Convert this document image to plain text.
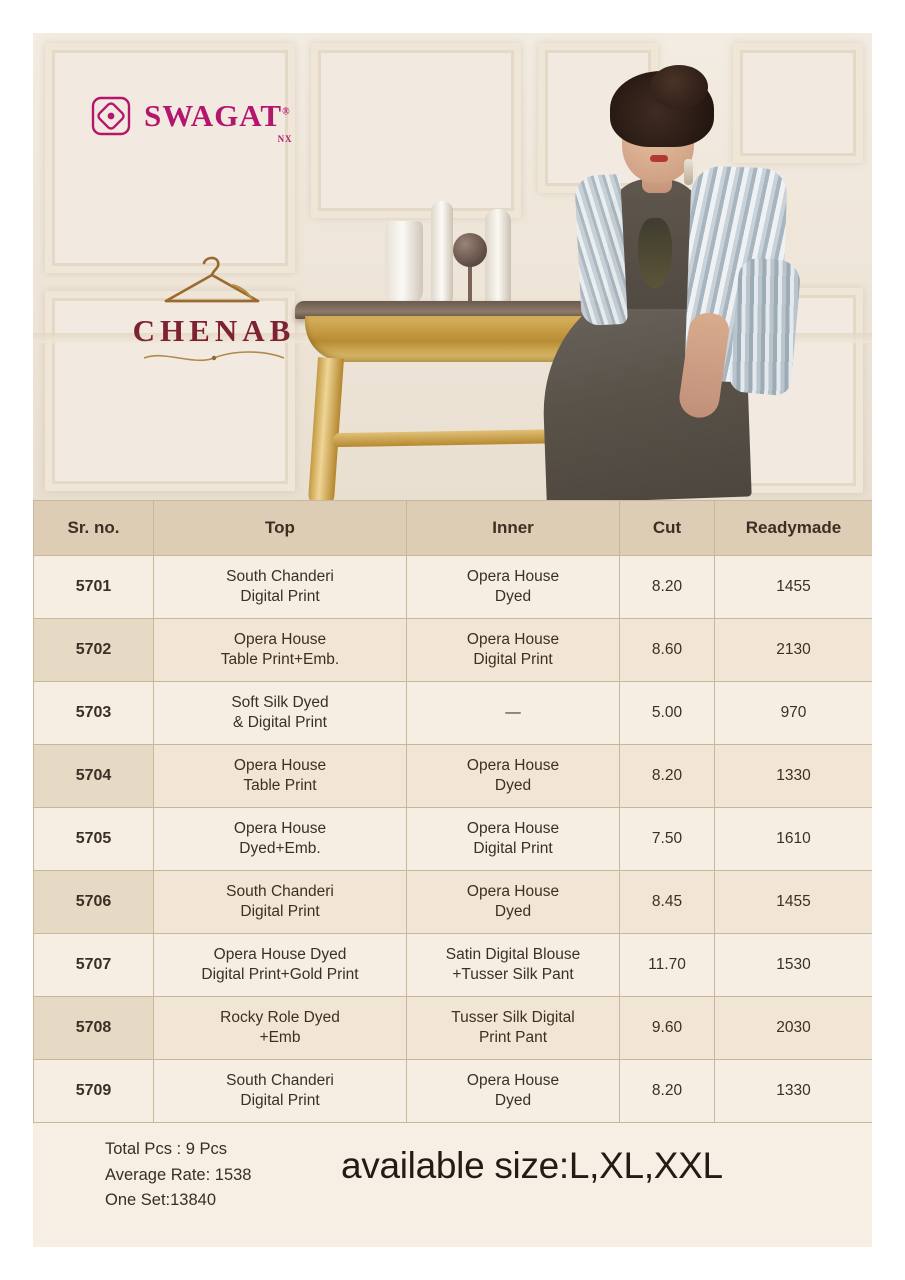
SWAGAT®
NX
CHENAB
Sr. no.	Top	Inner	Cut	Readymade
5701	South Chanderi
Digital Print	Opera House
Dyed	8.20	1455
5702	Opera House
Table Print+Emb.	Opera House
Digital Print	8.60	2130
5703	Soft Silk Dyed
& Digital Print	—	5.00	970
5704	Opera House
Table Print	Opera House
Dyed	8.20	1330
5705	Opera House
Dyed+Emb.	Opera House
Digital Print	7.50	1610
5706	South Chanderi
Digital Print	Opera House
Dyed	8.45	1455
5707	Opera House Dyed
Digital Print+Gold Print	Satin Digital Blouse
+Tusser Silk Pant	11.70	1530
5708	Rocky Role Dyed
+Emb	Tusser Silk Digital
Print Pant	9.60	2030
5709	South Chanderi
Digital Print	Opera House
Dyed	8.20	1330
Total Pcs : 9 Pcs
Average Rate: 1538
One Set:13840
available size:L,XL,XXL
